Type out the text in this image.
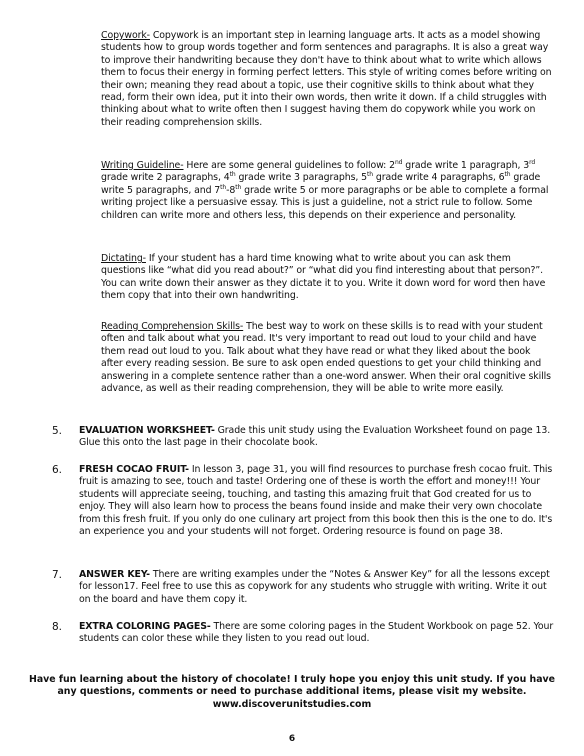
Copywork- Copywork is an important step in learning language arts. It acts as a model showing students how to group words together and form sentences and paragraphs. It is also a great way to improve their handwriting because they don't have to think about what to write which allows them to focus their energy in forming perfect letters. This style of writing comes before writing on their own; meaning they read about a topic, use their cognitive skills to think about what they read, form their own idea, put it into their own words, then write it down. If a child struggles with thinking about what to write often then I suggest having them do copywork while you work on their reading comprehension skills.
Writing Guideline- Here are some general guidelines to follow: 2nd grade write 1 paragraph, 3rd grade write 2 paragraphs, 4th grade write 3 paragraphs, 5th grade write 4 paragraphs, 6th grade write 5 paragraphs, and 7th-8th grade write 5 or more paragraphs or be able to complete a formal writing project like a persuasive essay. This is just a guideline, not a strict rule to follow. Some children can write more and others less, this depends on their experience and personality.
Dictating- If your student has a hard time knowing what to write about you can ask them questions like “what did you read about?” or “what did you find interesting about that person?”. You can write down their answer as they dictate it to you. Write it down word for word then have them copy that into their own handwriting.
Reading Comprehension Skills- The best way to work on these skills is to read with your student often and talk about what you read. It's very important to read out loud to your child and have them read out loud to you. Talk about what they have read or what they liked about the book after every reading session. Be sure to ask open ended questions to get your child thinking and answering in a complete sentence rather than a one-word answer. When their oral cognitive skills advance, as well as their reading comprehension, they will be able to write more easily.
5. EVALUATION WORKSHEET- Grade this unit study using the Evaluation Worksheet found on page 13. Glue this onto the last page in their chocolate book.
6. FRESH COCAO FRUIT- In lesson 3, page 31, you will find resources to purchase fresh cocao fruit. This fruit is amazing to see, touch and taste! Ordering one of these is worth the effort and money!!! Your students will appreciate seeing, touching, and tasting this amazing fruit that God created for us to enjoy. They will also learn how to process the beans found inside and make their very own chocolate from this fresh fruit. If you only do one culinary art project from this book then this is the one to do. It's an experience you and your students will not forget. Ordering resource is found on page 38.
7. ANSWER KEY- There are writing examples under the “Notes & Answer Key” for all the lessons except for lesson17. Feel free to use this as copywork for any students who struggle with writing. Write it out on the board and have them copy it.
8. EXTRA COLORING PAGES- There are some coloring pages in the Student Workbook on page 52. Your students can color these while they listen to you read out loud.
Have fun learning about the history of chocolate! I truly hope you enjoy this unit study. If you have
any questions, comments or need to purchase additional items, please visit my website.
www.discoverunitstudies.com
6
